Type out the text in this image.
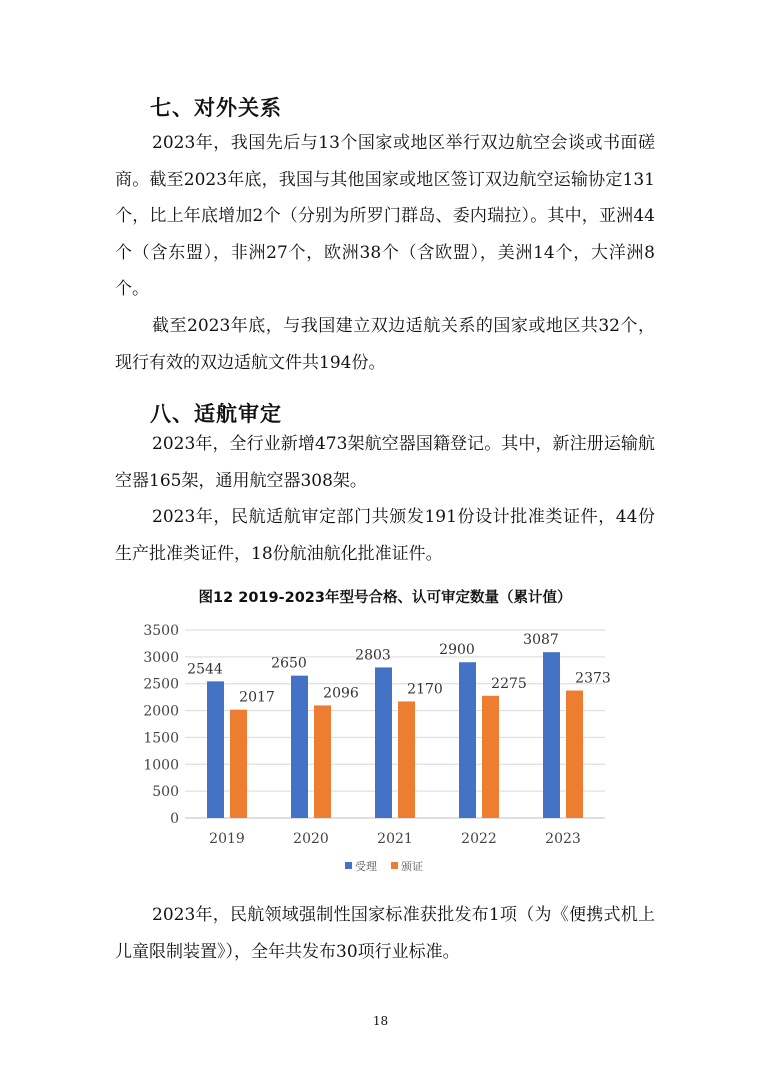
七、对外关系

2023年，我国先后与13个国家或地区举行双边航空会谈或书面磋商。截至2023年底，我国与其他国家或地区签订双边航空运输协定131个，比上年底增加2个（分别为所罗门群岛、委内瑞拉）。其中，亚洲44个（含东盟），非洲27个，欧洲38个（含欧盟），美洲14个，大洋洲8个。

截至2023年底，与我国建立双边适航关系的国家或地区共32个，现行有效的双边适航文件共194份。

八、适航审定

2023年，全行业新增473架航空器国籍登记。其中，新注册运输航空器165架，通用航空器308架。

2023年，民航适航审定部门共颁发191份设计批准类证件，44份生产批准类证件，18份航油航化批准证件。

图12 2019-2023年型号合格、认可审定数量（累计值）
0
500
1000
1500
2000
2500
3000
3500
2019
2544
2017
2020
2650
2096
2021
2803
2170
2022
2900
2275
2023
3087
2373
受理 颁证

2023年，民航领域强制性国家标准获批发布1项（为《便携式机上儿童限制装置》），全年共发布30项行业标准。

18
